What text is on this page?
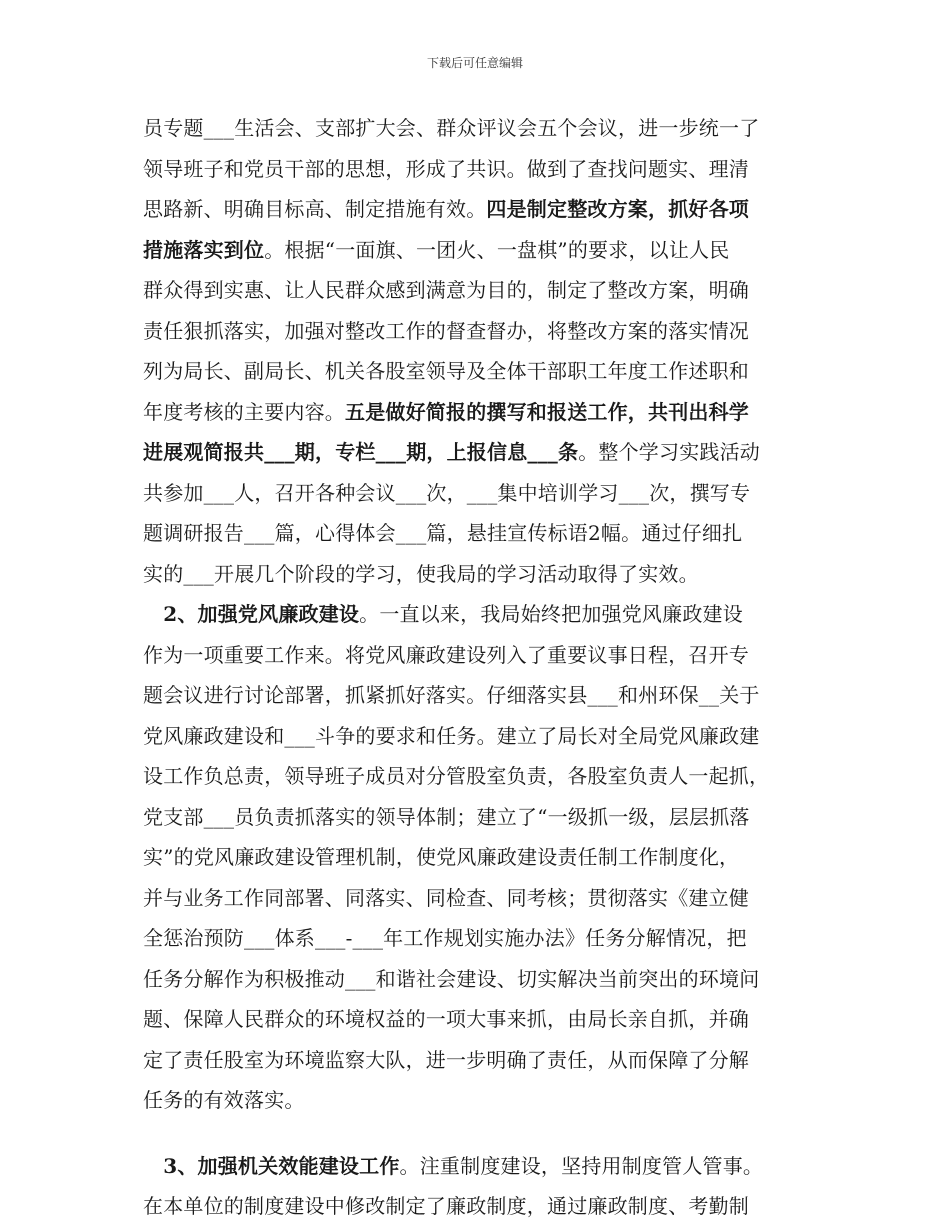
下载后可任意编辑
员专题___生活会、支部扩大会、群众评议会五个会议，进一步统一了
领导班子和党员干部的思想，形成了共识。做到了查找问题实、理清
思路新、明确目标高、制定措施有效。四是制定整改方案，抓好各项
措施落实到位。根据“一面旗、一团火、一盘棋”的要求，以让人民
群众得到实惠、让人民群众感到满意为目的，制定了整改方案，明确
责任狠抓落实，加强对整改工作的督查督办，将整改方案的落实情况
列为局长、副局长、机关各股室领导及全体干部职工年度工作述职和
年度考核的主要内容。五是做好简报的撰写和报送工作，共刊出科学
进展观简报共___期，专栏___期，上报信息___条。整个学习实践活动
共参加___人，召开各种会议___次，___集中培训学习___次，撰写专
题调研报告___篇，心得体会___篇，悬挂宣传标语2幅。通过仔细扎
实的___开展几个阶段的学习，使我局的学习活动取得了实效。
　2、加强党风廉政建设。一直以来，我局始终把加强党风廉政建设
作为一项重要工作来。将党风廉政建设列入了重要议事日程，召开专
题会议进行讨论部署，抓紧抓好落实。仔细落实县___和州环保__关于
党风廉政建设和___斗争的要求和任务。建立了局长对全局党风廉政建
设工作负总责，领导班子成员对分管股室负责，各股室负责人一起抓，
党支部___员负责抓落实的领导体制；建立了“一级抓一级，层层抓落
实”的党风廉政建设管理机制，使党风廉政建设责任制工作制度化，
并与业务工作同部署、同落实、同检查、同考核；贯彻落实《建立健
全惩治预防___体系___-___年工作规划实施办法》任务分解情况，把
任务分解作为积极推动___和谐社会建设、切实解决当前突出的环境问
题、保障人民群众的环境权益的一项大事来抓，由局长亲自抓，并确
定了责任股室为环境监察大队，进一步明确了责任，从而保障了分解
任务的有效落实。
　3、加强机关效能建设工作。注重制度建设，坚持用制度管人管事。
在本单位的制度建设中修改制定了廉政制度，通过廉政制度、考勤制
